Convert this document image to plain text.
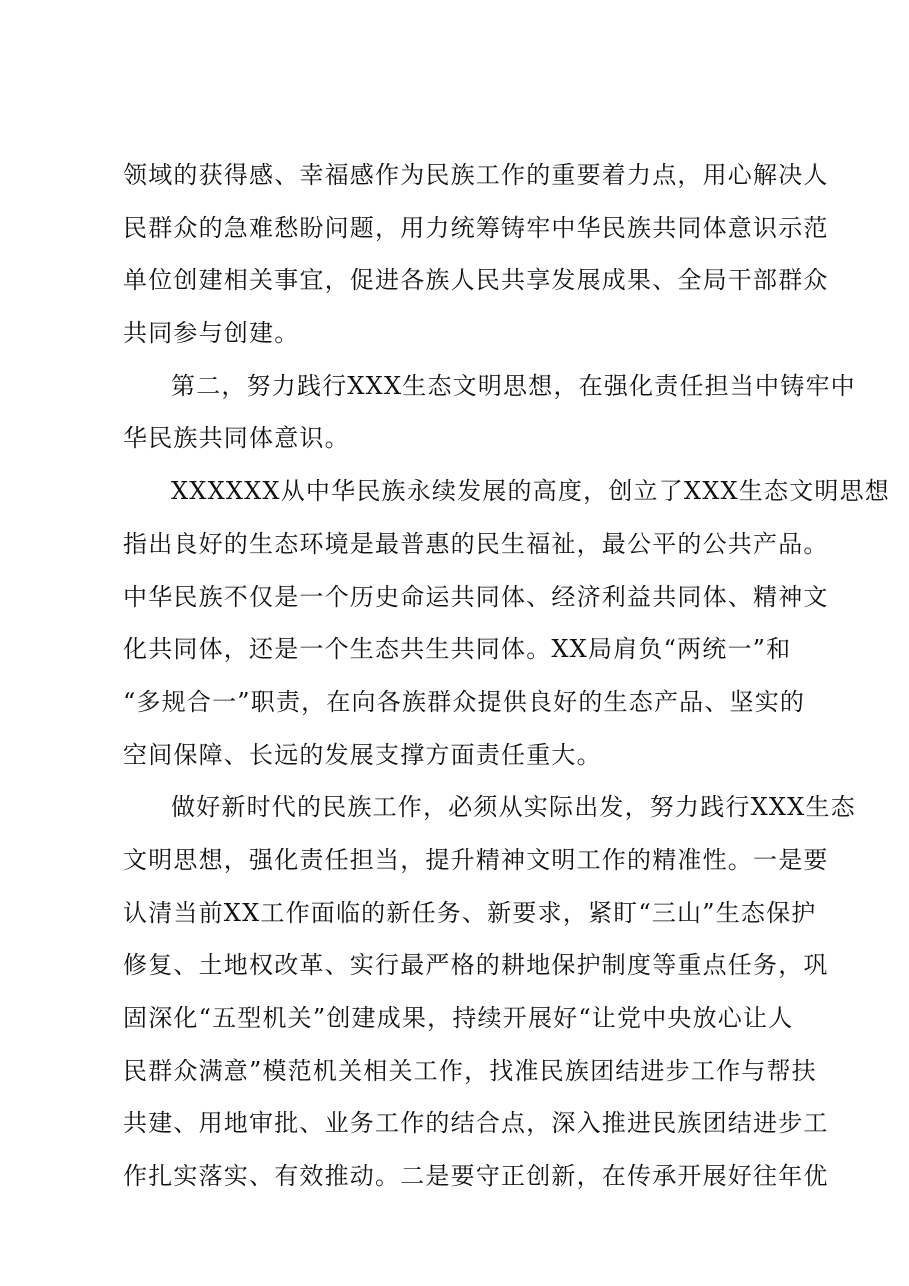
领域的获得感、幸福感作为民族工作的重要着力点，用心解决人
民群众的急难愁盼问题，用力统筹铸牢中华民族共同体意识示范
单位创建相关事宜，促进各族人民共享发展成果、全局干部群众
共同参与创建。
第二，努力践行XXX生态文明思想，在强化责任担当中铸牢中
华民族共同体意识。
XXXXXX从中华民族永续发展的高度，创立了XXX生态文明思想
指出良好的生态环境是最普惠的民生福祉，最公平的公共产品。
中华民族不仅是一个历史命运共同体、经济利益共同体、精神文
化共同体，还是一个生态共生共同体。XX局肩负“两统一”和
“多规合一”职责，在向各族群众提供良好的生态产品、坚实的
空间保障、长远的发展支撑方面责任重大。
做好新时代的民族工作，必须从实际出发，努力践行XXX生态
文明思想，强化责任担当，提升精神文明工作的精准性。一是要
认清当前XX工作面临的新任务、新要求，紧盯“三山”生态保护
修复、土地权改革、实行最严格的耕地保护制度等重点任务，巩
固深化“五型机关”创建成果，持续开展好“让党中央放心让人
民群众满意”模范机关相关工作，找准民族团结进步工作与帮扶
共建、用地审批、业务工作的结合点，深入推进民族团结进步工
作扎实落实、有效推动。二是要守正创新，在传承开展好往年优
